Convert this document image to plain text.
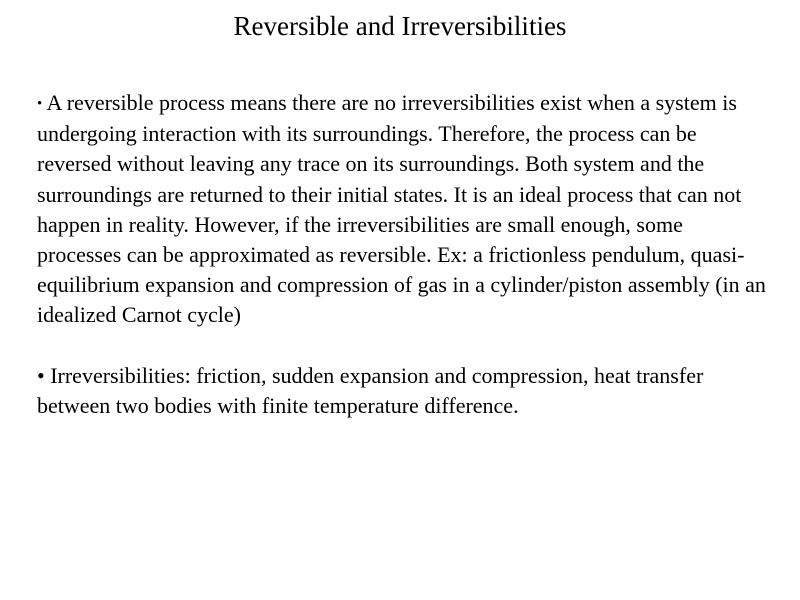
Reversible and Irreversibilities

• A reversible process means there are no irreversibilities exist when a system is undergoing interaction with its surroundings. Therefore, the process can be reversed without leaving any trace on its surroundings. Both system and the surroundings are returned to their initial states. It is an ideal process that can not happen in reality. However, if the irreversibilities are small enough, some processes can be approximated as reversible. Ex: a frictionless pendulum, quasi-equilibrium expansion and compression of gas in a cylinder/piston assembly (in an idealized Carnot cycle)

• Irreversibilities: friction, sudden expansion and compression, heat transfer between two bodies with finite temperature difference.
